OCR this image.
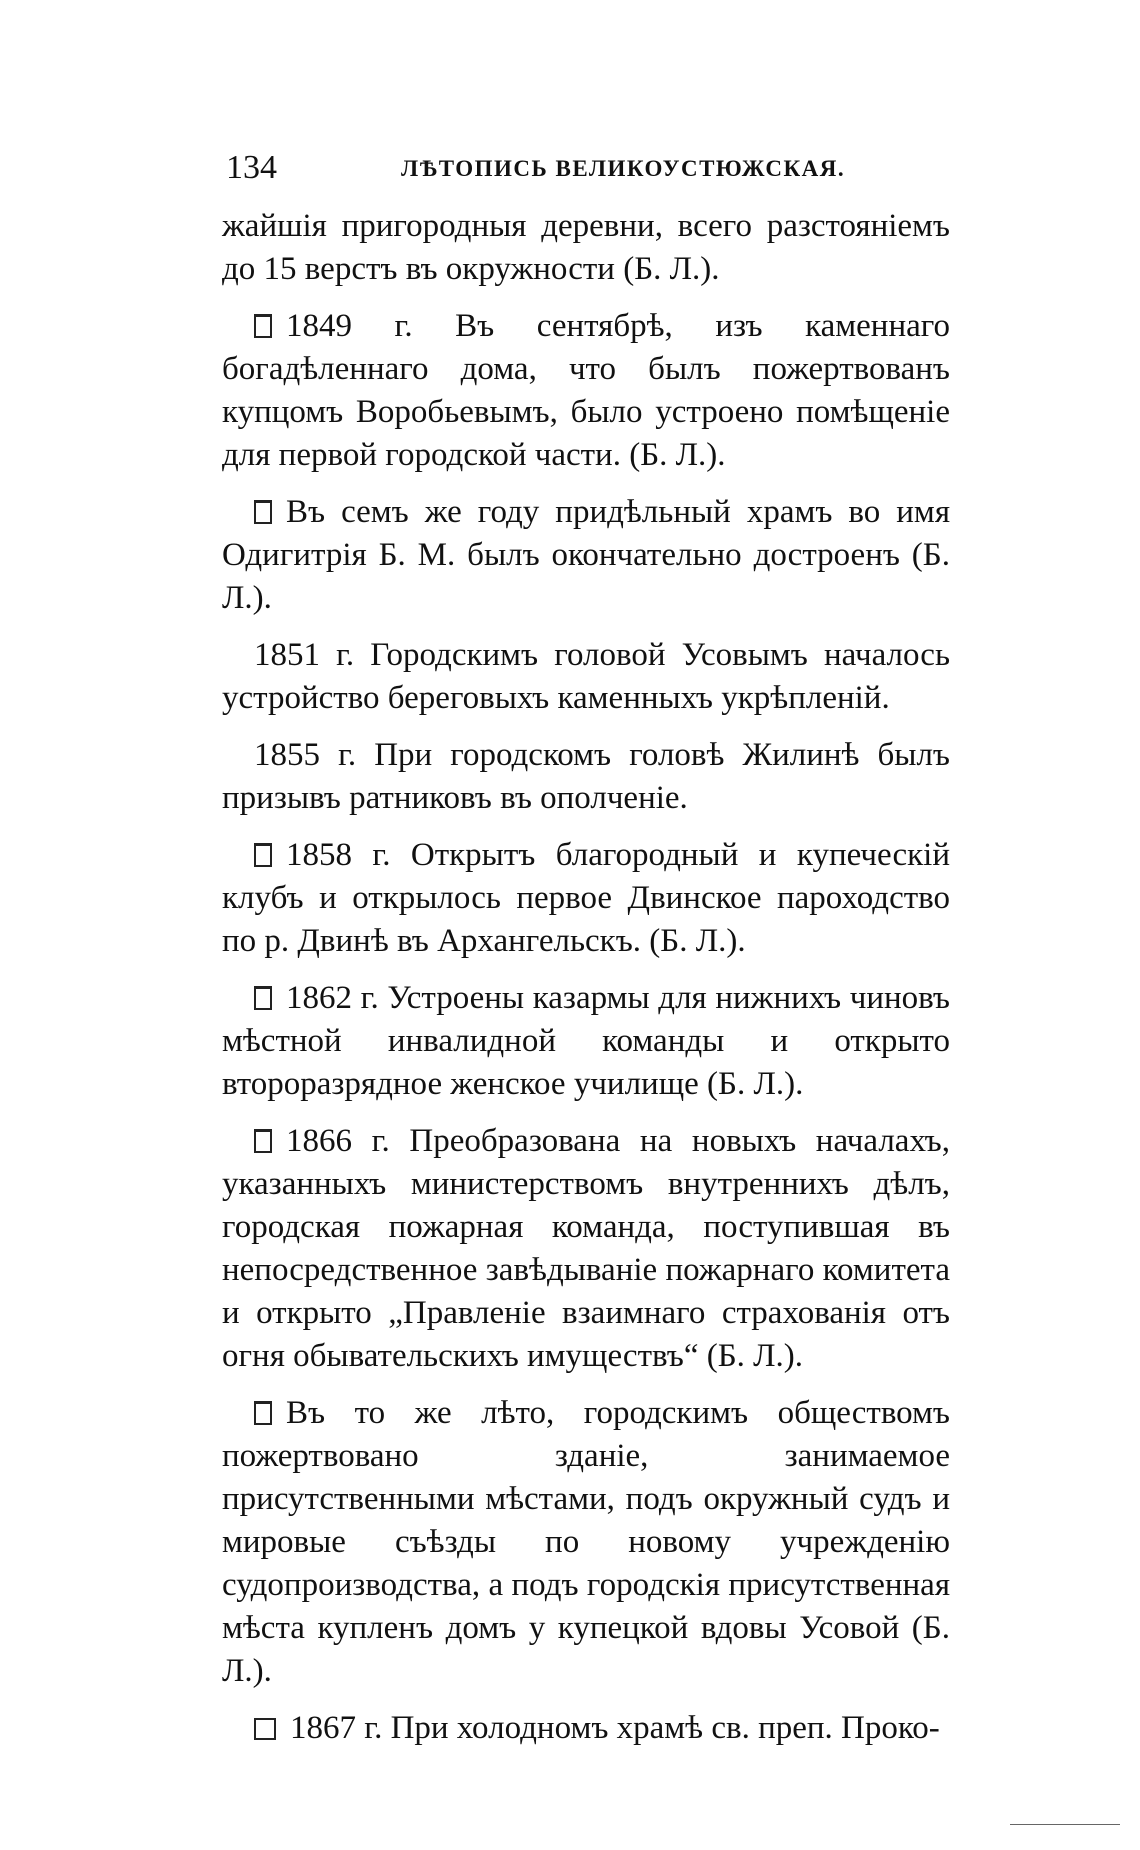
134	ЛѢТОПИСЬ ВЕЛИКОУСТЮЖСКАЯ.

жайшія пригородныя деревни, всего разстояніемъ до 15 верстъ въ окружности (Б. Л.).

1849 г. Въ сентябрѣ, изъ каменнаго богадѣленнаго дома, что былъ пожертвованъ купцомъ Воробьевымъ, было устроено помѣщеніе для первой городской части. (Б. Л.).

Въ семъ же году придѣльный храмъ во имя Одигитрія Б. М. былъ окончательно достроенъ (Б. Л.).

1851 г. Городскимъ головой Усовымъ началось устройство береговыхъ каменныхъ укрѣпленій.

1855 г. При городскомъ головѣ Жилинѣ былъ призывъ ратниковъ въ ополченіе.

1858 г. Открытъ благородный и купеческій клубъ и открылось первое Двинское пароходство по р. Двинѣ въ Архангельскъ. (Б. Л.).

1862 г. Устроены казармы для нижнихъ чиновъ мѣстной инвалидной команды и открыто второразрядное женское училище (Б. Л.).

1866 г. Преобразована на новыхъ началахъ, указанныхъ министерствомъ внутреннихъ дѣлъ, городская пожарная команда, поступившая въ непосредственное завѣдываніе пожарнаго комитета и открыто „Правленіе взаимнаго страхованія отъ огня обывательскихъ имуществъ“ (Б. Л.).

Въ то же лѣто, городскимъ обществомъ пожертвовано зданіе, занимаемое присутственными мѣстами, подъ окружный судъ и мировые съѣзды по новому учрежденію судопроизводства, а подъ городскія присутственная мѣста купленъ домъ у купецкой вдовы Усовой (Б. Л.).

1867 г. При холодномъ храмѣ св. преп. Проко-
